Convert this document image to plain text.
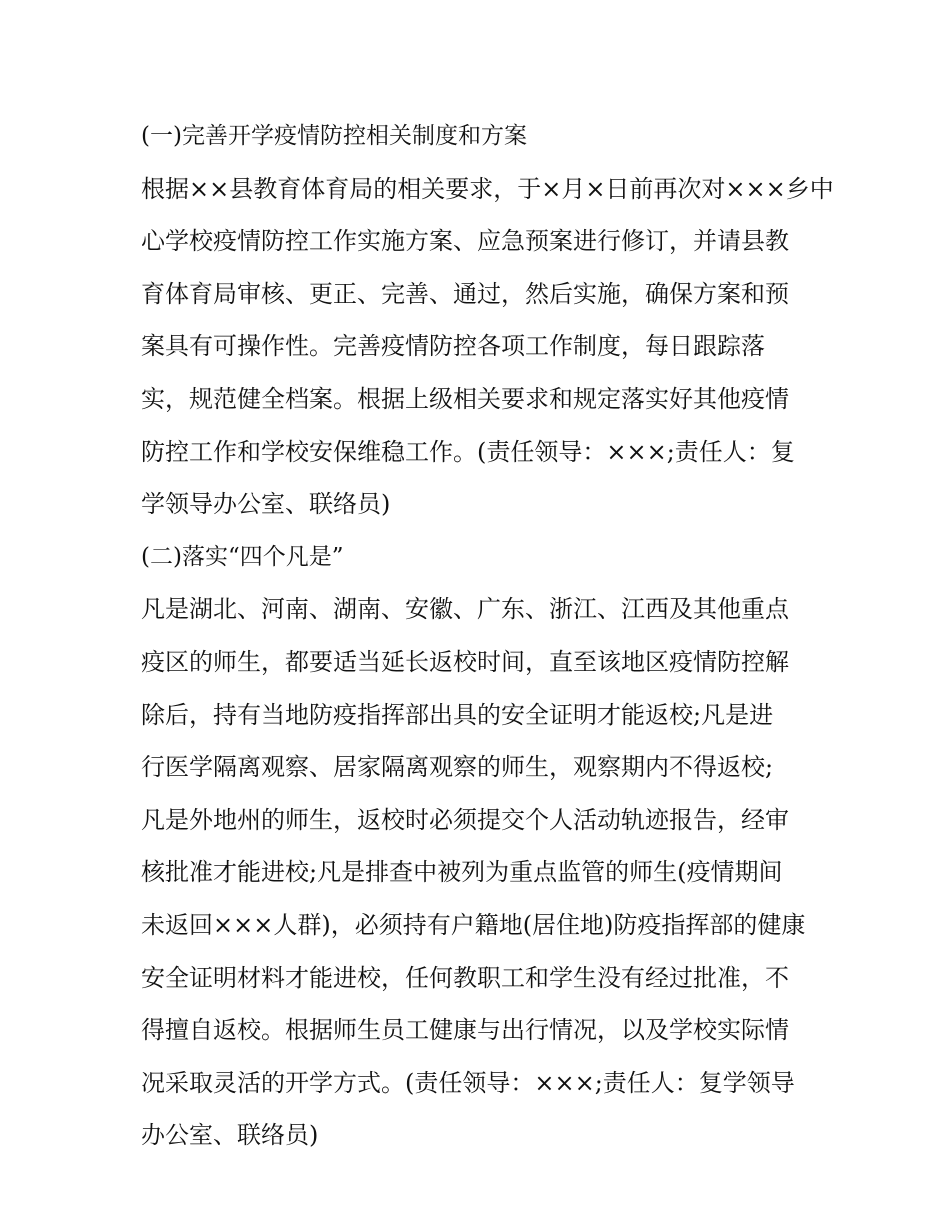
(一)完善开学疫情防控相关制度和方案
根据××县教育体育局的相关要求，于×月×日前再次对×××乡中
心学校疫情防控工作实施方案、应急预案进行修订，并请县教
育体育局审核、更正、完善、通过，然后实施，确保方案和预
案具有可操作性。完善疫情防控各项工作制度，每日跟踪落
实，规范健全档案。根据上级相关要求和规定落实好其他疫情
防控工作和学校安保维稳工作。(责任领导：×××;责任人：复
学领导办公室、联络员)
(二)落实“四个凡是”
凡是湖北、河南、湖南、安徽、广东、浙江、江西及其他重点
疫区的师生，都要适当延长返校时间，直至该地区疫情防控解
除后，持有当地防疫指挥部出具的安全证明才能返校;凡是进
行医学隔离观察、居家隔离观察的师生，观察期内不得返校;
凡是外地州的师生，返校时必须提交个人活动轨迹报告，经审
核批准才能进校;凡是排查中被列为重点监管的师生(疫情期间
未返回×××人群)，必须持有户籍地(居住地)防疫指挥部的健康
安全证明材料才能进校，任何教职工和学生没有经过批准，不
得擅自返校。根据师生员工健康与出行情况，以及学校实际情
况采取灵活的开学方式。(责任领导：×××;责任人：复学领导
办公室、联络员)
